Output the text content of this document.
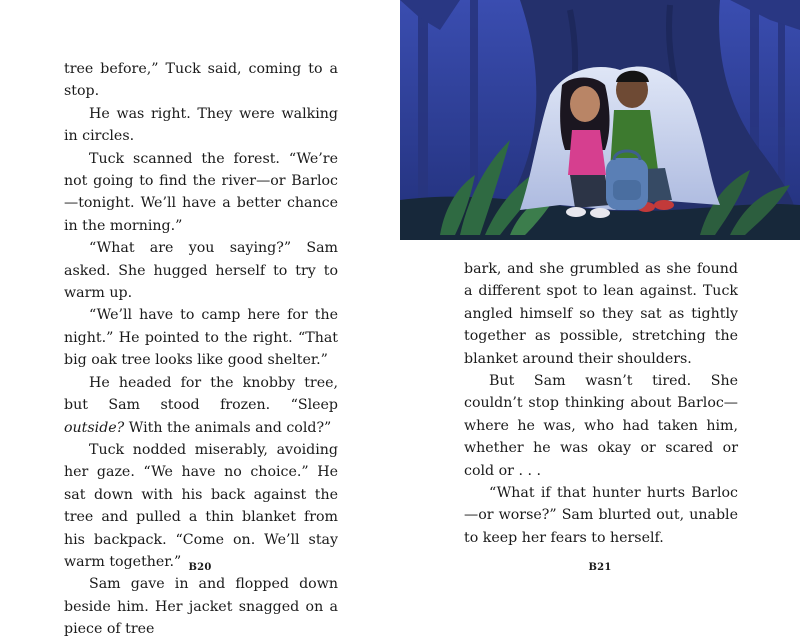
tree before,” Tuck said, coming to a stop.

He was right. They were walking in circles.

Tuck scanned the forest. “We’re not going to find the river—or Barloc—tonight. We’ll have a better chance in the morning.”

“What are you saying?” Sam asked. She hugged herself to try to warm up.

“We’ll have to camp here for the night.” He pointed to the right. “That big oak tree looks like good shelter.”

He headed for the knobby tree, but Sam stood frozen. “Sleep outside? With the animals and cold?”

Tuck nodded miserably, avoiding her gaze. “We have no choice.” He sat down with his back against the tree and pulled a thin blanket from his backpack. “Come on. We’ll stay warm together.”

Sam gave in and flopped down beside him. Her jacket snagged on a piece of tree

B20

bark, and she grumbled as she found a different spot to lean against. Tuck angled himself so they sat as tightly together as possible, stretching the blanket around their shoulders.

But Sam wasn’t tired. She couldn’t stop thinking about Barloc—where he was, who had taken him, whether he was okay or scared or cold or . . .

“What if that hunter hurts Barloc—or worse?” Sam blurted out, unable to keep her fears to herself.

B21
